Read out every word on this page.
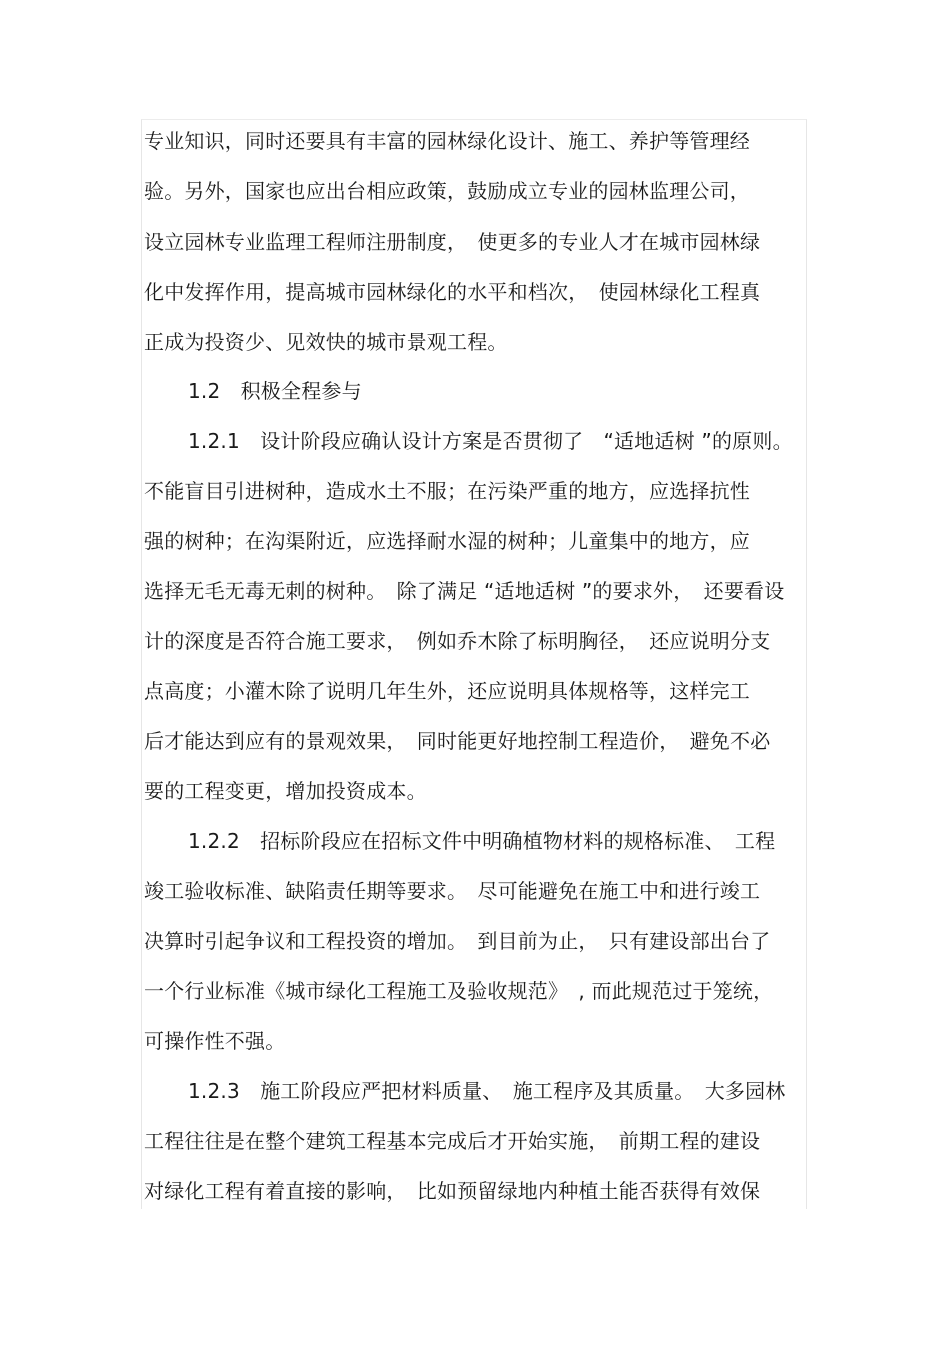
专业知识，同时还要具有丰富的园林绿化设计、施工、养护等管理经
验。另外，国家也应出台相应政策，鼓励成立专业的园林监理公司，
设立园林专业监理工程师注册制度，　使更多的专业人才在城市园林绿
化中发挥作用，提高城市园林绿化的水平和档次，　使园林绿化工程真
正成为投资少、见效快的城市景观工程。
1.2　积极全程参与
1.2.1　设计阶段应确认设计方案是否贯彻了　“适地适树 ”的原则。
不能盲目引进树种，造成水土不服；在污染严重的地方，应选择抗性
强的树种；在沟渠附近，应选择耐水湿的树种；儿童集中的地方，应
选择无毛无毒无刺的树种。　除了满足 “适地适树 ”的要求外，　还要看设
计的深度是否符合施工要求，　例如乔木除了标明胸径，　还应说明分支
点高度；小灌木除了说明几年生外，还应说明具体规格等，这样完工
后才能达到应有的景观效果，　同时能更好地控制工程造价，　避免不必
要的工程变更，增加投资成本。
1.2.2　招标阶段应在招标文件中明确植物材料的规格标准、　工程
竣工验收标准、缺陷责任期等要求。　尽可能避免在施工中和进行竣工
决算时引起争议和工程投资的增加。　到目前为止，　只有建设部出台了
一个行业标准《城市绿化工程施工及验收规范》　, 而此规范过于笼统，
可操作性不强。
1.2.3　施工阶段应严把材料质量、　施工程序及其质量。　大多园林
工程往往是在整个建筑工程基本完成后才开始实施，　前期工程的建设
对绿化工程有着直接的影响，　比如预留绿地内种植土能否获得有效保
